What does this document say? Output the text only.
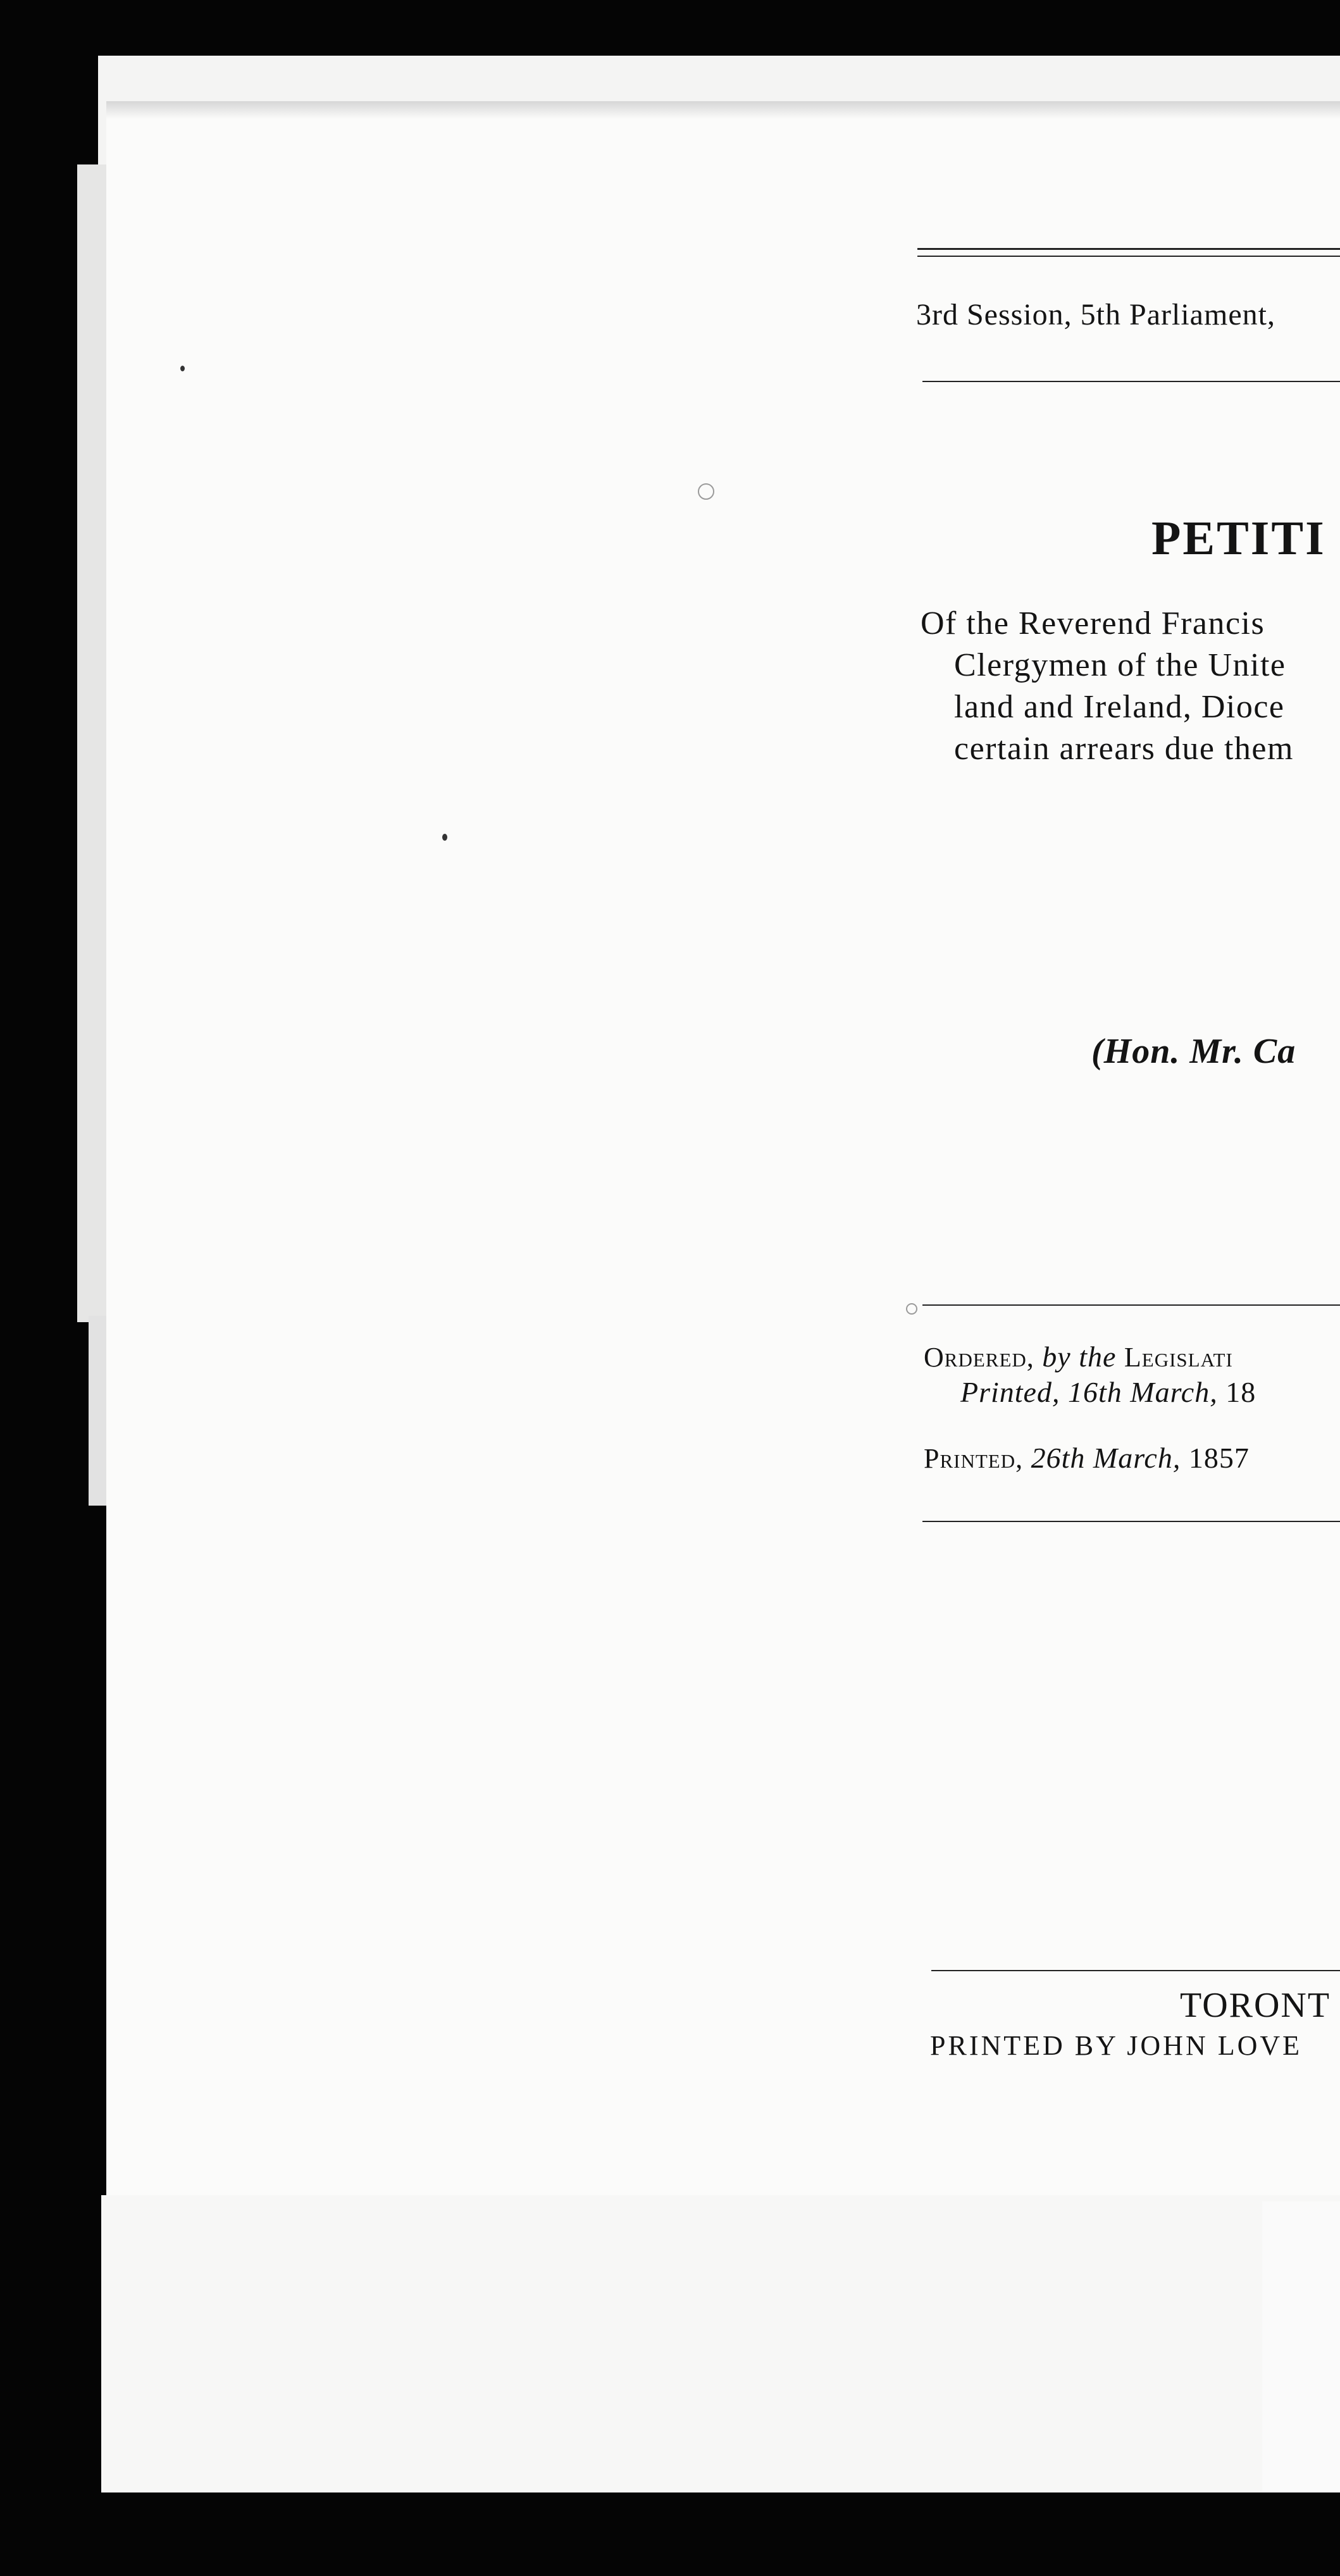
3rd Session, 5th Parliament,
PETITI
Of the Reverend Francis
Clergymen of the Unite
land and Ireland, Dioce
certain arrears due them
(Hon. Mr. Ca
Ordered, by the Legislati
Printed, 16th March, 18
Printed, 26th March, 1857
TORONT
PRINTED BY JOHN LOVE
